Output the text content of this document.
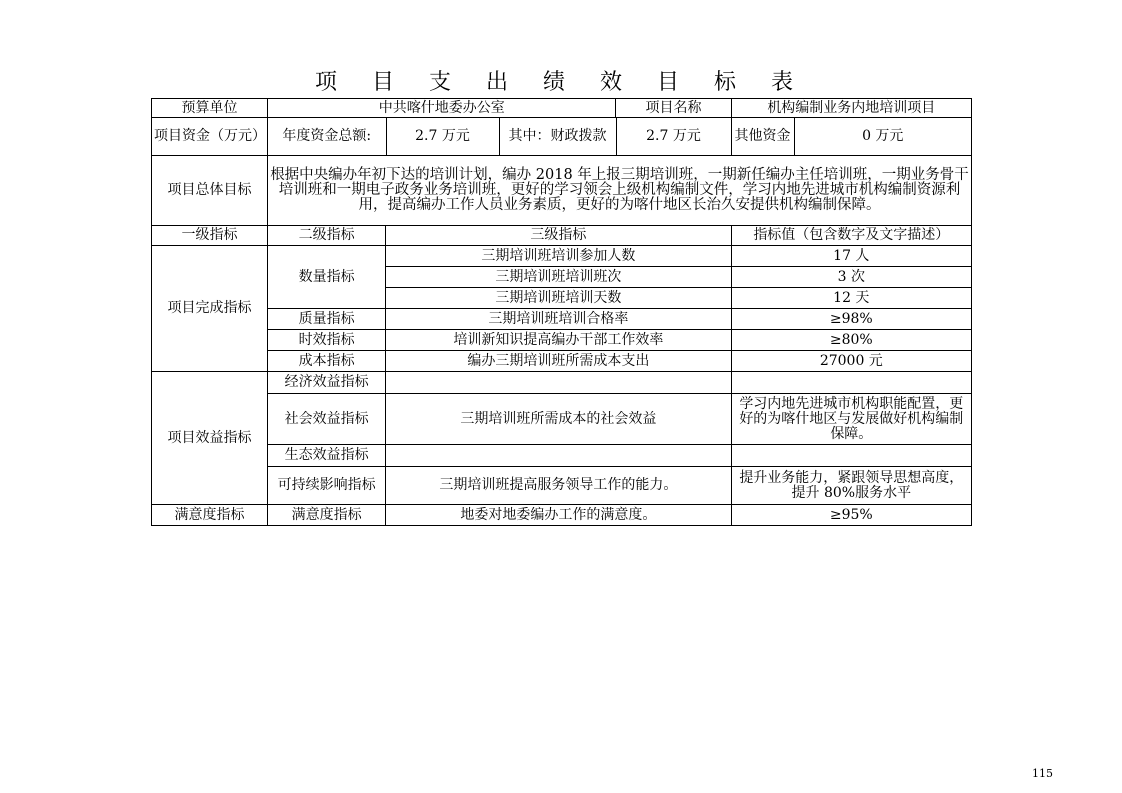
项 目 支 出 绩 效 目 标 表
预算单位	中共喀什地委办公室	项目名称	机构编制业务内地培训项目
项目资金（万元）	年度资金总额:	2.7 万元	其中：财政拨款	2.7 万元	其他资金	0 万元

项目总体目标	根据中央编办年初下达的培训计划，编办 2018 年上报三期培训班，一期新任编办主任培训班，一期业务骨干培训班和一期电子政务业务培训班，更好的学习领会上级机构编制文件，学习内地先进城市机构编制资源利用，提高编办工作人员业务素质，更好的为喀什地区长治久安提供机构编制保障。
一级指标	二级指标	三级指标	指标值（包含数字及文字描述）
项目完成指标	数量指标	三期培训班培训参加人数	17 人
三期培训班培训班次	3 次
三期培训班培训天数	12 天
质量指标	三期培训班培训合格率	≥98%
时效指标	培训新知识提高编办干部工作效率	≥80%
成本指标	编办三期培训班所需成本支出	27000 元
项目效益指标	经济效益指标		
社会效益指标	三期培训班所需成本的社会效益	学习内地先进城市机构职能配置，更好的为喀什地区与发展做好机构编制保障。
生态效益指标		
可持续影响指标	三期培训班提高服务领导工作的能力。	提升业务能力，紧跟领导思想高度，提升 80%服务水平
满意度指标	满意度指标	地委对地委编办工作的满意度。	≥95%
115
